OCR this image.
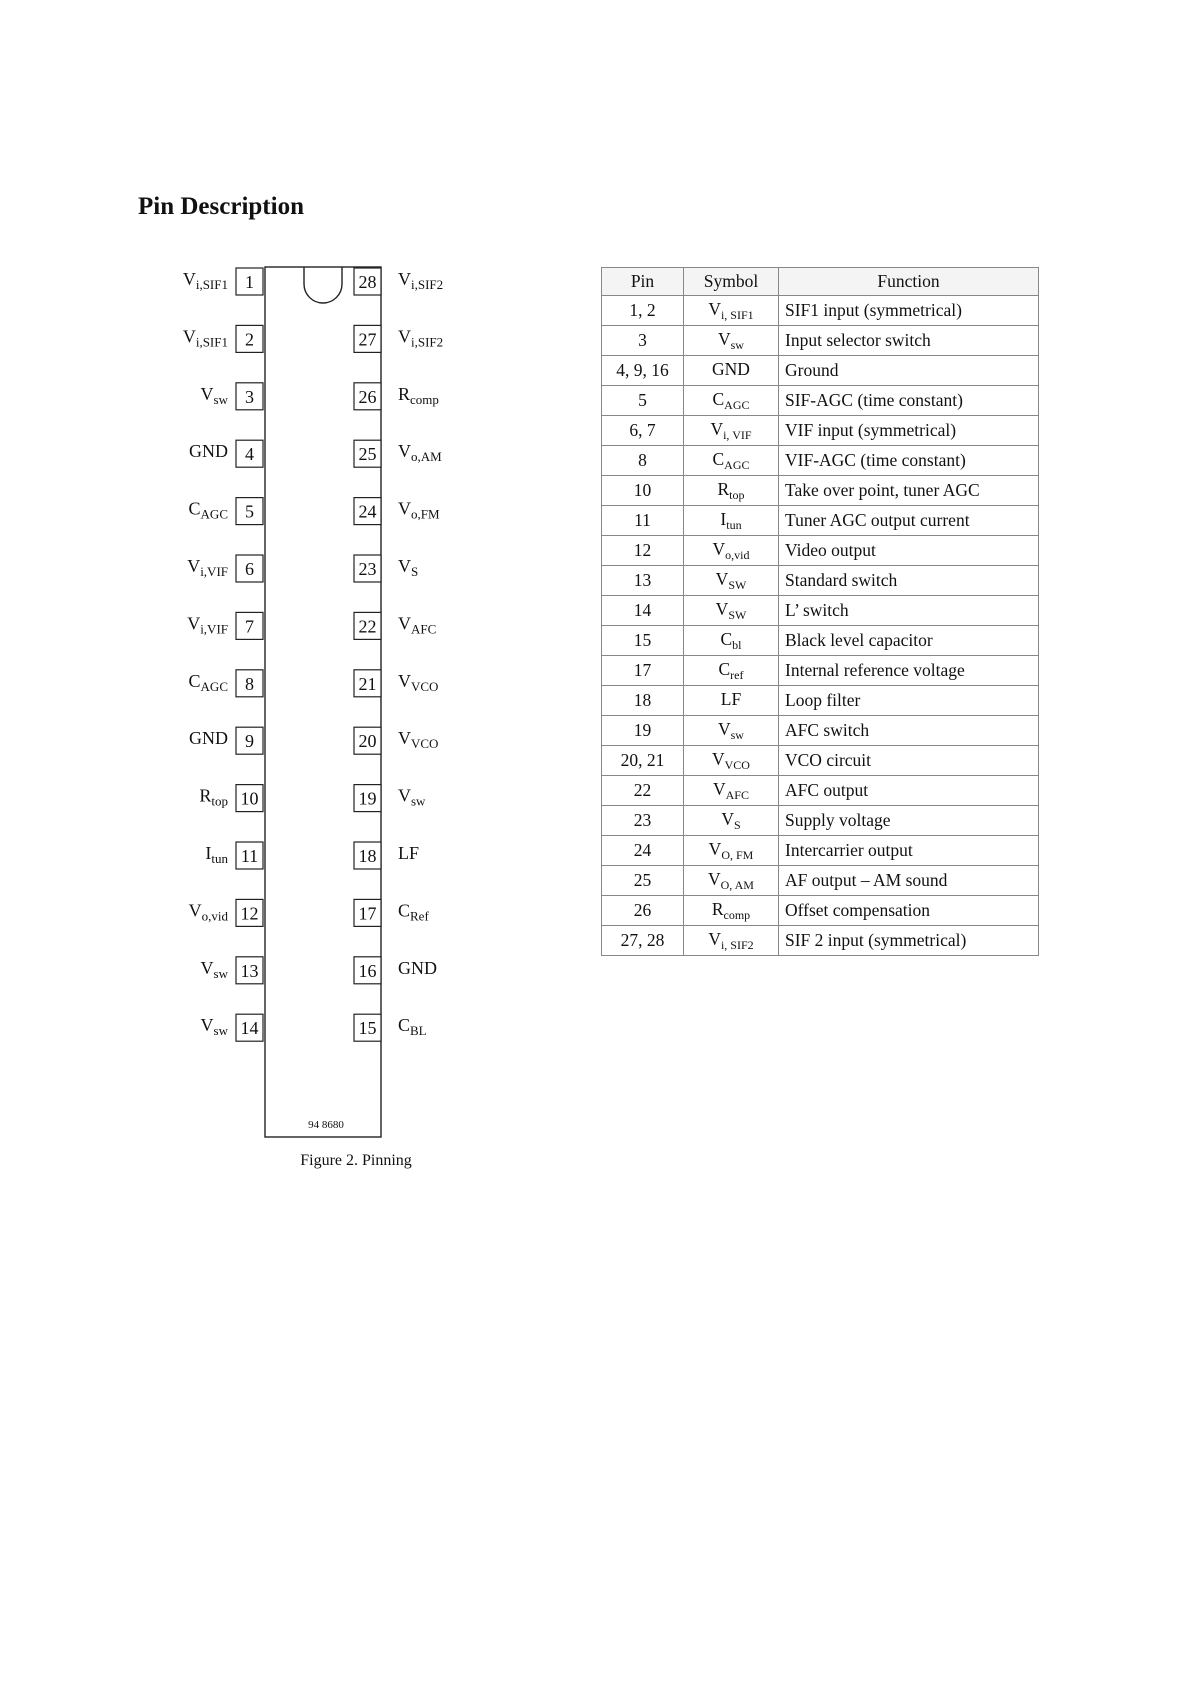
Pin Description
94 8680
Figure 2. Pinning
1
$V_{i,SIF1}$
2
$V_{i,SIF1}$
3
$V_{sw}$
4
GND
5
$C_{AGC}$
6
$V_{i,VIF}$
7
$V_{i,VIF}$
8
$C_{AGC}$
9
GND
10
$R_{top}$
11
$I_{tun}$
12
$V_{o,vid}$
13
$V_{sw}$
14
$V_{sw}$
28 $V_{i,SIF2}$
27 $V_{i,SIF2}$
26 $R_{comp}$
25 $V_{o,AM}$
24 $V_{o,FM}$
23 $V_S$
22 $V_{AFC}$
21 $V_{VCO}$
20 $V_{VCO}$
19 $V_{sw}$
18 LF
17 $C_{Ref}$
16 GND
15 $C_{BL}$
Pin	Symbol	Function
1, 2	$V_{i, SIF1}$	SIF1 input (symmetrical)
3	$V_{sw}$	Input selector switch
4, 9, 16	GND	Ground
5	$C_{AGC}$	SIF-AGC (time constant)
6, 7	$V_{i, VIF}$	VIF input (symmetrical)
8	$C_{AGC}$	VIF-AGC (time constant)
10	$R_{top}$	Take over point, tuner AGC
11	$I_{tun}$	Tuner AGC output current
12	$V_{o,vid}$	Video output
13	$V_{SW}$	Standard switch
14	$V_{SW}$	L’ switch
15	$C_{bl}$	Black level capacitor
17	$C_{ref}$	Internal reference voltage
18	LF	Loop filter
19	$V_{sw}$	AFC switch
20, 21	$V_{VCO}$	VCO circuit
22	$V_{AFC}$	AFC output
23	$V_S$	Supply voltage
24	$V_{O, FM}$	Intercarrier output
25	$V_{O, AM}$	AF output – AM sound
26	$R_{comp}$	Offset compensation
27, 28	$V_{i, SIF2}$	SIF 2 input (symmetrical)
